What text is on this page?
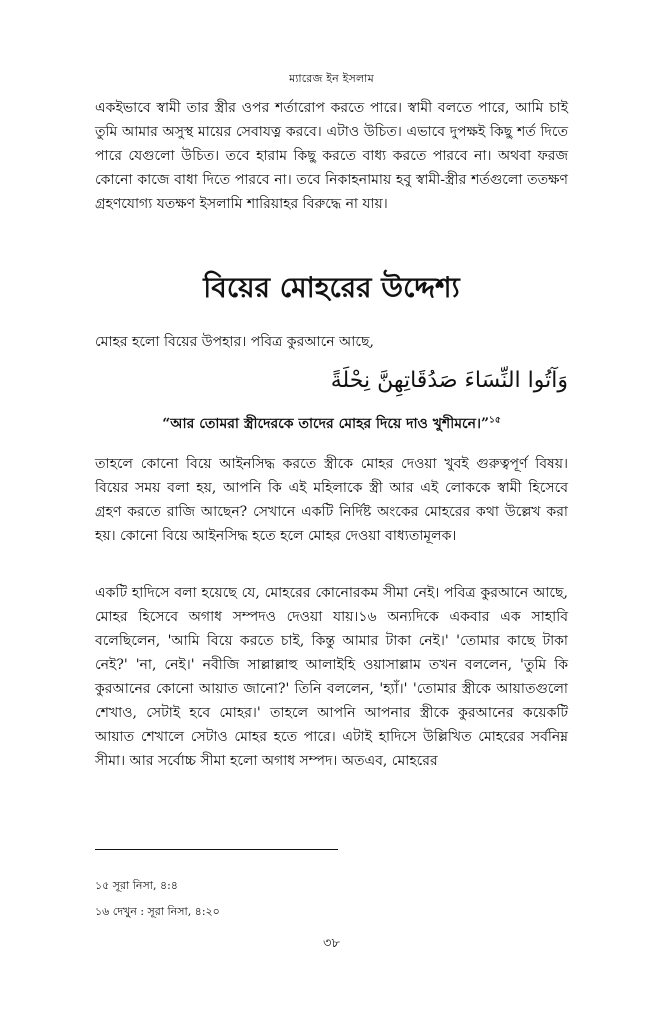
ম্যারেজ ইন ইসলাম

একইভাবে স্বামী তার স্ত্রীর ওপর শর্তারোপ করতে পারে। স্বামী বলতে পারে, আমি চাই তুমি আমার অসুস্থ মায়ের সেবাযত্ন করবে। এটাও উচিত। এভাবে দুপক্ষই কিছু শর্ত দিতে পারে যেগুলো উচিত। তবে হারাম কিছু করতে বাধ্য করতে পারবে না। অথবা ফরজ কোনো কাজে বাধা দিতে পারবে না। তবে নিকাহনামায় হবু স্বামী-স্ত্রীর শর্তগুলো ততক্ষণ গ্রহণযোগ্য যতক্ষণ ইসলামি শারিয়াহর বিরুদ্ধে না যায়।

বিয়ের মোহরের উদ্দেশ্য

মোহর হলো বিয়ের উপহার। পবিত্র কুরআনে আছে,

وَآتُوا النِّسَاءَ صَدُقَاتِهِنَّ نِحْلَةً

“আর তোমরা স্ত্রীদেরকে তাদের মোহর দিয়ে দাও খুশীমনে।”$^{১৫}$

তাহলে কোনো বিয়ে আইনসিদ্ধ করতে স্ত্রীকে মোহর দেওয়া খুবই গুরুত্বপূর্ণ বিষয়। বিয়ের সময় বলা হয়, আপনি কি এই মহিলাকে স্ত্রী আর এই লোককে স্বামী হিসেবে গ্রহণ করতে রাজি আছেন? সেখানে একটি নির্দিষ্ট অংকের মোহরের কথা উল্লেখ করা হয়। কোনো বিয়ে আইনসিদ্ধ হতে হলে মোহর দেওয়া বাধ্যতামূলক।

একটি হাদিসে বলা হয়েছে যে, মোহরের কোনোরকম সীমা নেই। পবিত্র কুরআনে আছে, মোহর হিসেবে অগাধ সম্পদও দেওয়া যায়।১৬ অন্যদিকে একবার এক সাহাবি বলেছিলেন, 'আমি বিয়ে করতে চাই, কিন্তু আমার টাকা নেই।' 'তোমার কাছে টাকা নেই?' 'না, নেই।' নবীজি সাল্লাল্লাহু আলাইহি ওয়াসাল্লাম তখন বললেন, 'তুমি কি কুরআনের কোনো আয়াত জানো?' তিনি বললেন, 'হ্যাঁ।' 'তোমার স্ত্রীকে আয়াতগুলো শেখাও, সেটাই হবে মোহর।' তাহলে আপনি আপনার স্ত্রীকে কুরআনের কয়েকটি আয়াত শেখালে সেটাও মোহর হতে পারে। এটাই হাদিসে উল্লিখিত মোহরের সর্বনিম্ন সীমা। আর সর্বোচ্চ সীমা হলো অগাধ সম্পদ। অতএব, মোহরের

১৫ সূরা নিসা, ৪:৪

১৬ দেখুন : সূরা নিসা, ৪:২০

৩৮
